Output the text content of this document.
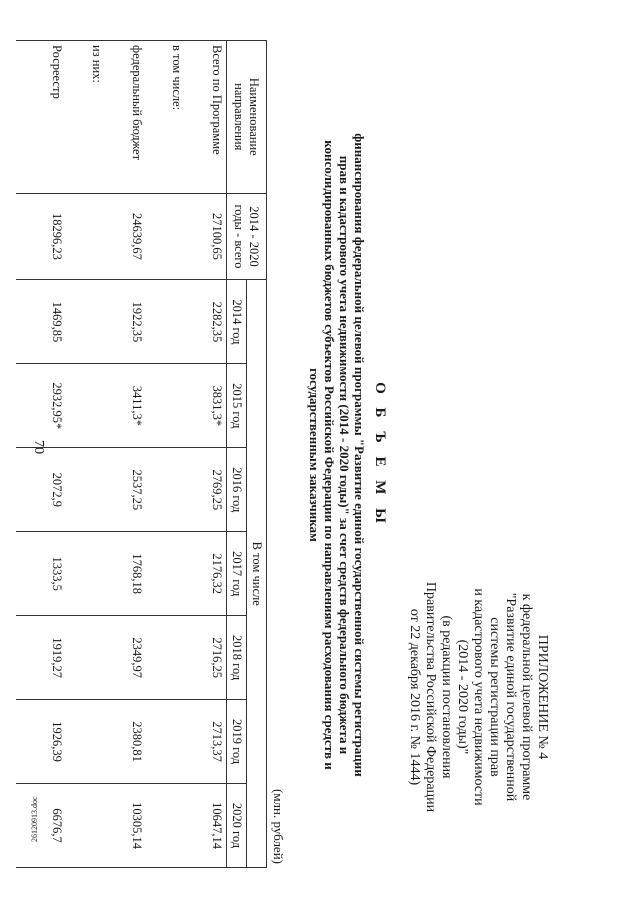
70
26120913.doc
ПРИЛОЖЕНИЕ № 4
к федеральной целевой программе
"Развитие единой государственной
системы регистрации прав
и кадастрового учета недвижимости
(2014 - 2020 годы)"
(в редакции постановления
Правительства Российской Федерации
от 22 декабря 2016 г. № 1444)
О Б Ъ Е М Ы
финансирования федеральной целевой программы "Развитие единой государственной системы регистрации
прав и кадастрового учета недвижимости (2014 - 2020 годы)" за счет средств федерального бюджета и
консолидированных бюджетов субъектов Российской Федерации по направлениям расходования средств и
государственным заказчикам
(млн. рублей)
Наименование направления	2014 - 2020 годы - всего	В том числе						
		2014 год	2015 год	2016 год	2017 год	2018 год	2019 год	2020 год
Всего по Программе	27100,65	2282,35	3831,3*	2769,25	2176,32	2716,25	2713,37	10647,14
в том числе:								
федеральный бюджет	24639,67	1922,35	3411,3*	2537,25	1768,18	2349,97	2380,81	10305,14
из них:								
Росреестр	18296,23	1469,85	2932,95*	2072,9	1333,5	1919,27	1926,39	6676,7
